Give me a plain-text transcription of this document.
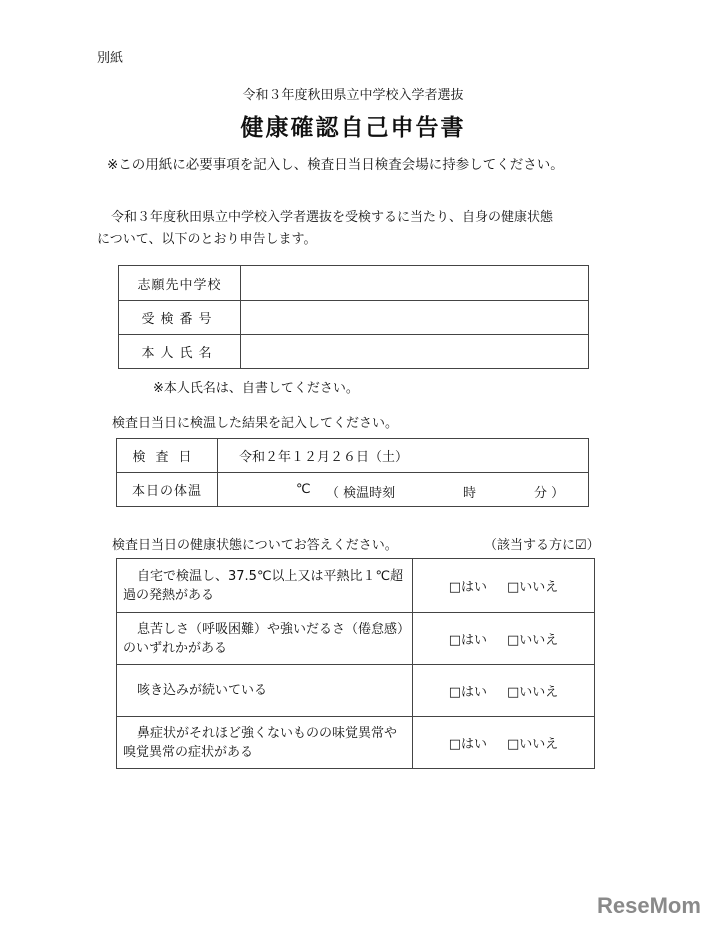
別紙
令和３年度秋田県立中学校入学者選抜
健康確認自己申告書
※この用紙に必要事項を記入し、検査日当日検査会場に持参してください。
令和３年度秋田県立中学校入学者選抜を受検するに当たり、自身の健康状態
について、以下のとおり申告します。
志願先中学校	
受検番号	
本人氏名	
※本人氏名は、自書してください。
検査日当日に検温した結果を記入してください。
検査日	令和２年１２月２６日（土）
本日の体温	℃ （ 検温時刻 時 分 ）
検査日当日の健康状態についてお答えください。	（該当する方に☑）
自宅で検温し、37.5℃以上又は平熱比１℃超過の発熱がある	□はい □いいえ
息苦しさ（呼吸困難）や強いだるさ（倦怠感）のいずれかがある	□はい □いいえ
咳き込みが続いている	□はい □いいえ
鼻症状がそれほど強くないものの味覚異常や嗅覚異常の症状がある	□はい □いいえ
ReseMom
